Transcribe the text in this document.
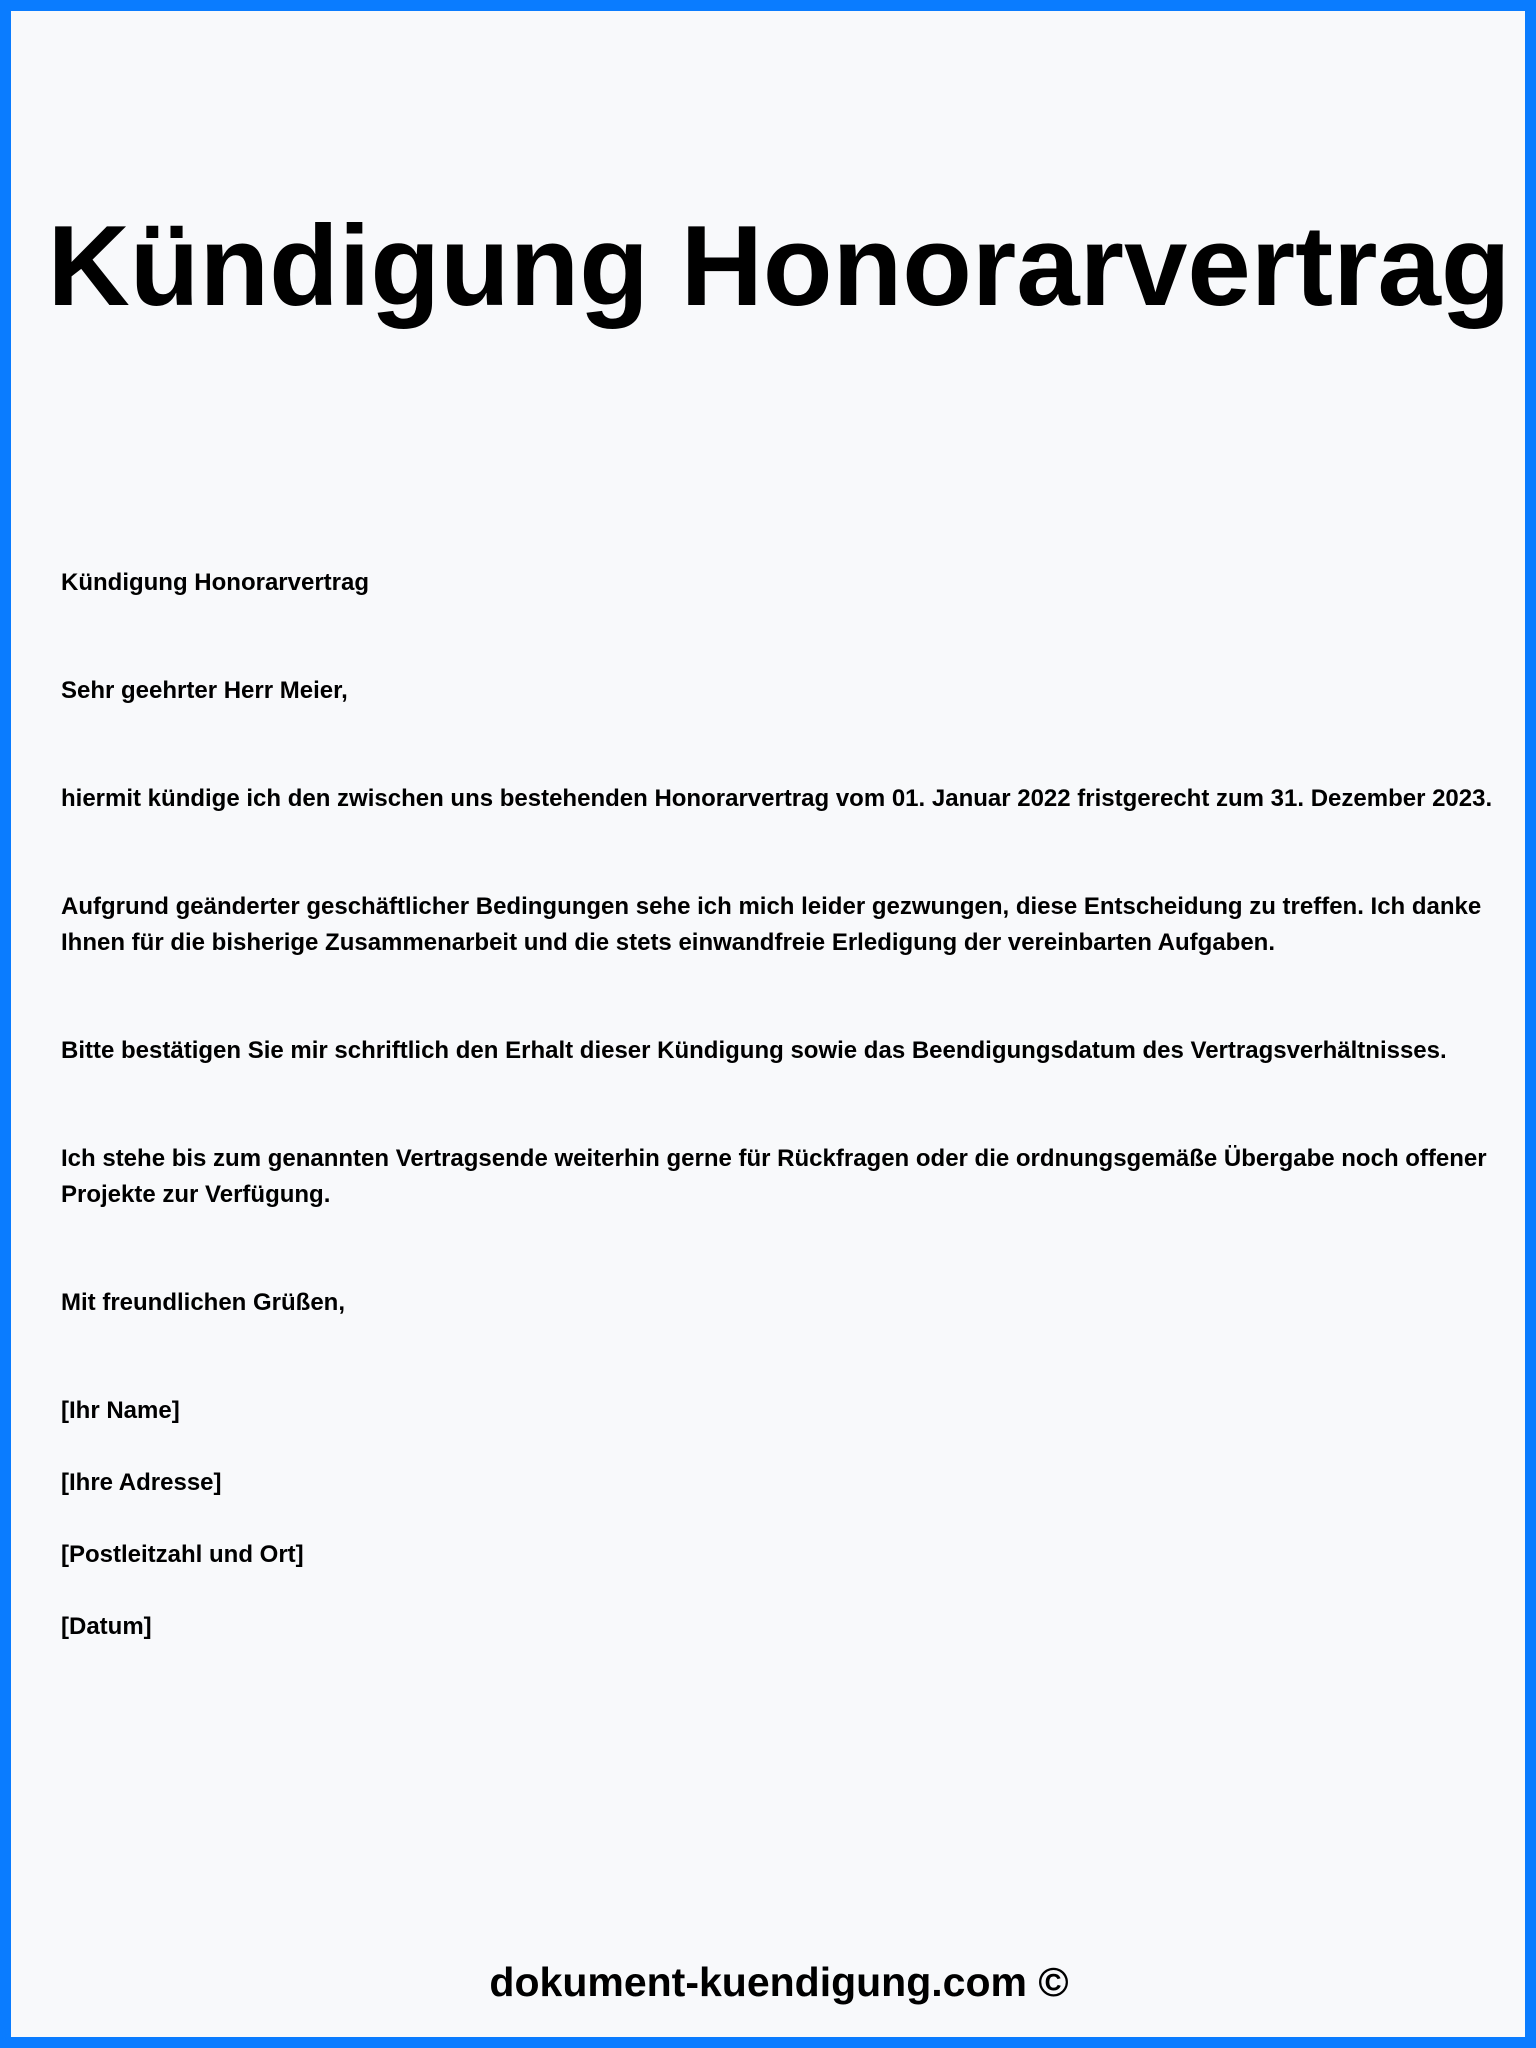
Kündigung Honorarvertrag

Kündigung Honorarvertrag

Sehr geehrter Herr Meier,

hiermit kündige ich den zwischen uns bestehenden Honorarvertrag vom 01. Januar 2022 fristgerecht zum 31. Dezember 2023.

Aufgrund geänderter geschäftlicher Bedingungen sehe ich mich leider gezwungen, diese Entscheidung zu treffen. Ich danke Ihnen für die bisherige Zusammenarbeit und die stets einwandfreie Erledigung der vereinbarten Aufgaben.

Bitte bestätigen Sie mir schriftlich den Erhalt dieser Kündigung sowie das Beendigungsdatum des Vertragsverhältnisses.

Ich stehe bis zum genannten Vertragsende weiterhin gerne für Rückfragen oder die ordnungsgemäße Übergabe noch offener Projekte zur Verfügung.

Mit freundlichen Grüßen,

[Ihr Name]

[Ihre Adresse]

[Postleitzahl und Ort]

[Datum]

dokument-kuendigung.com ©
